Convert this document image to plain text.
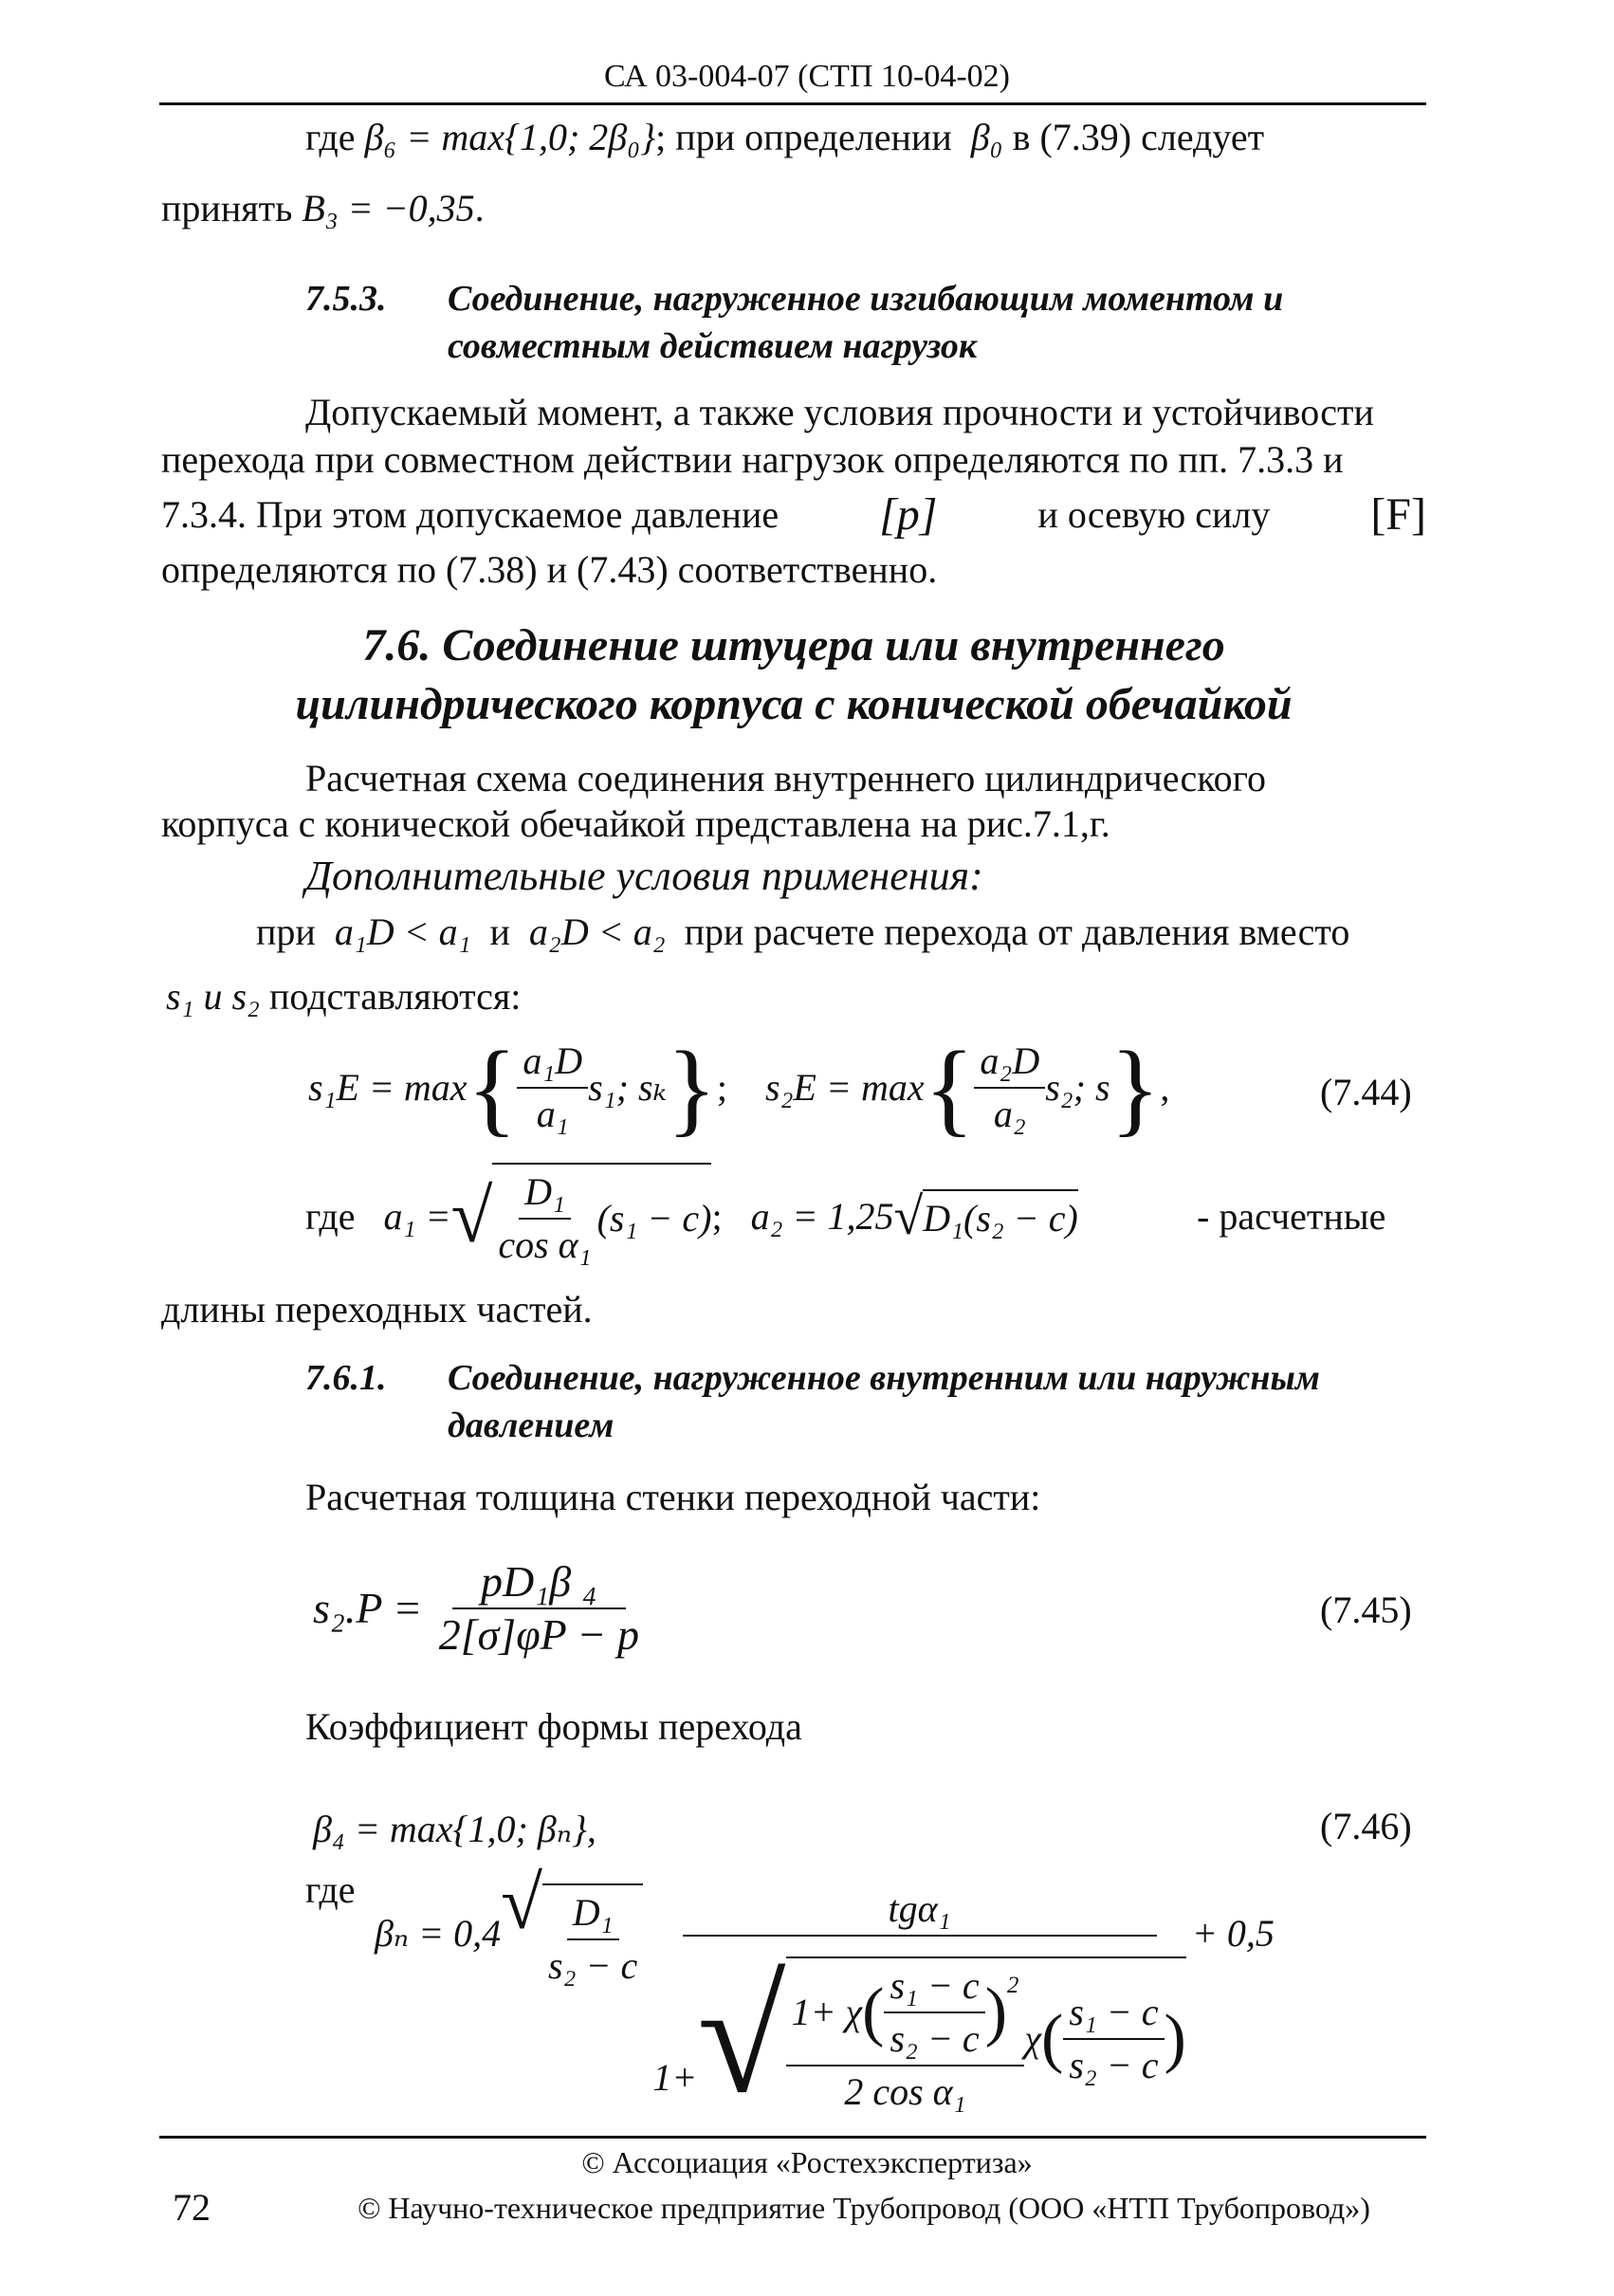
СА 03-004-07 (СТП 10-04-02)
где β₆ = max{1,0; 2β₀}; при определении β₀ в (7.39) следует
принять B₃ = −0,35.
7.5.3. Соединение, нагруженное изгибающим моментом и
совместным действием нагрузок
Допускаемый момент, а также условия прочности и устойчивости
перехода при совместном действии нагрузок определяются по пп. 7.3.3 и
7.3.4. При этом допускаемое давление [p]	и осевую силу [F]
определяются по (7.38) и (7.43) соответственно.
7.6. Соединение штуцера или внутреннего
цилиндрического корпуса с конической обечайкой
Расчетная схема соединения внутреннего цилиндрического
корпуса с конической обечайкой представлена на рис.7.1,г.
Дополнительные условия применения:
при a₁D < a₁ и a₂D < a₂ при расчете перехода от давления вместо
s₁ и s₂ подставляются:
s₁E = max { $\frac{\text{a₁D}}{\text{a₁}} s_1$; sₖ } ; s₂E = max { $\frac{\text{a₂D}}{\text{a₂}} s_2$; s } ,	(7.44)
где
a₁ = √ $\frac{\text{D₁}}{\text{cos α₁}} (s_1 - c)$ ; a₂ = 1,25 √ D₁(s₂ − c)	- расчетные
длины переходных частей.
7.6.1. Соединение, нагруженное внутренним или наружным
давлением
Расчетная толщина стенки переходной части:
s₂.P =
$\frac{\text{pD₁β ₄}}{2[\sigma]\varphi P - p}$	(7.45)
Коэффициент формы перехода
β₄ = max{1,0; βₙ},	(7.46)
где
βₙ = 0,4 √ $\frac{\text{D₁}}{\text{s₂ − c}}$	tgα₁
1+ √ 1+ χ ( $\frac{\text{s₁ − c}}{\text{s₂ − c}} )^2$
2 cos α₁
χ ( $\frac{\text{s₁ − c}}{\text{s₂ − c}}$ )
+ 0,5
© Ассоциация «Ростехэкспертиза»
72	© Научно-техническое предприятие Трубопровод (ООО «НТП Трубопровод»)
